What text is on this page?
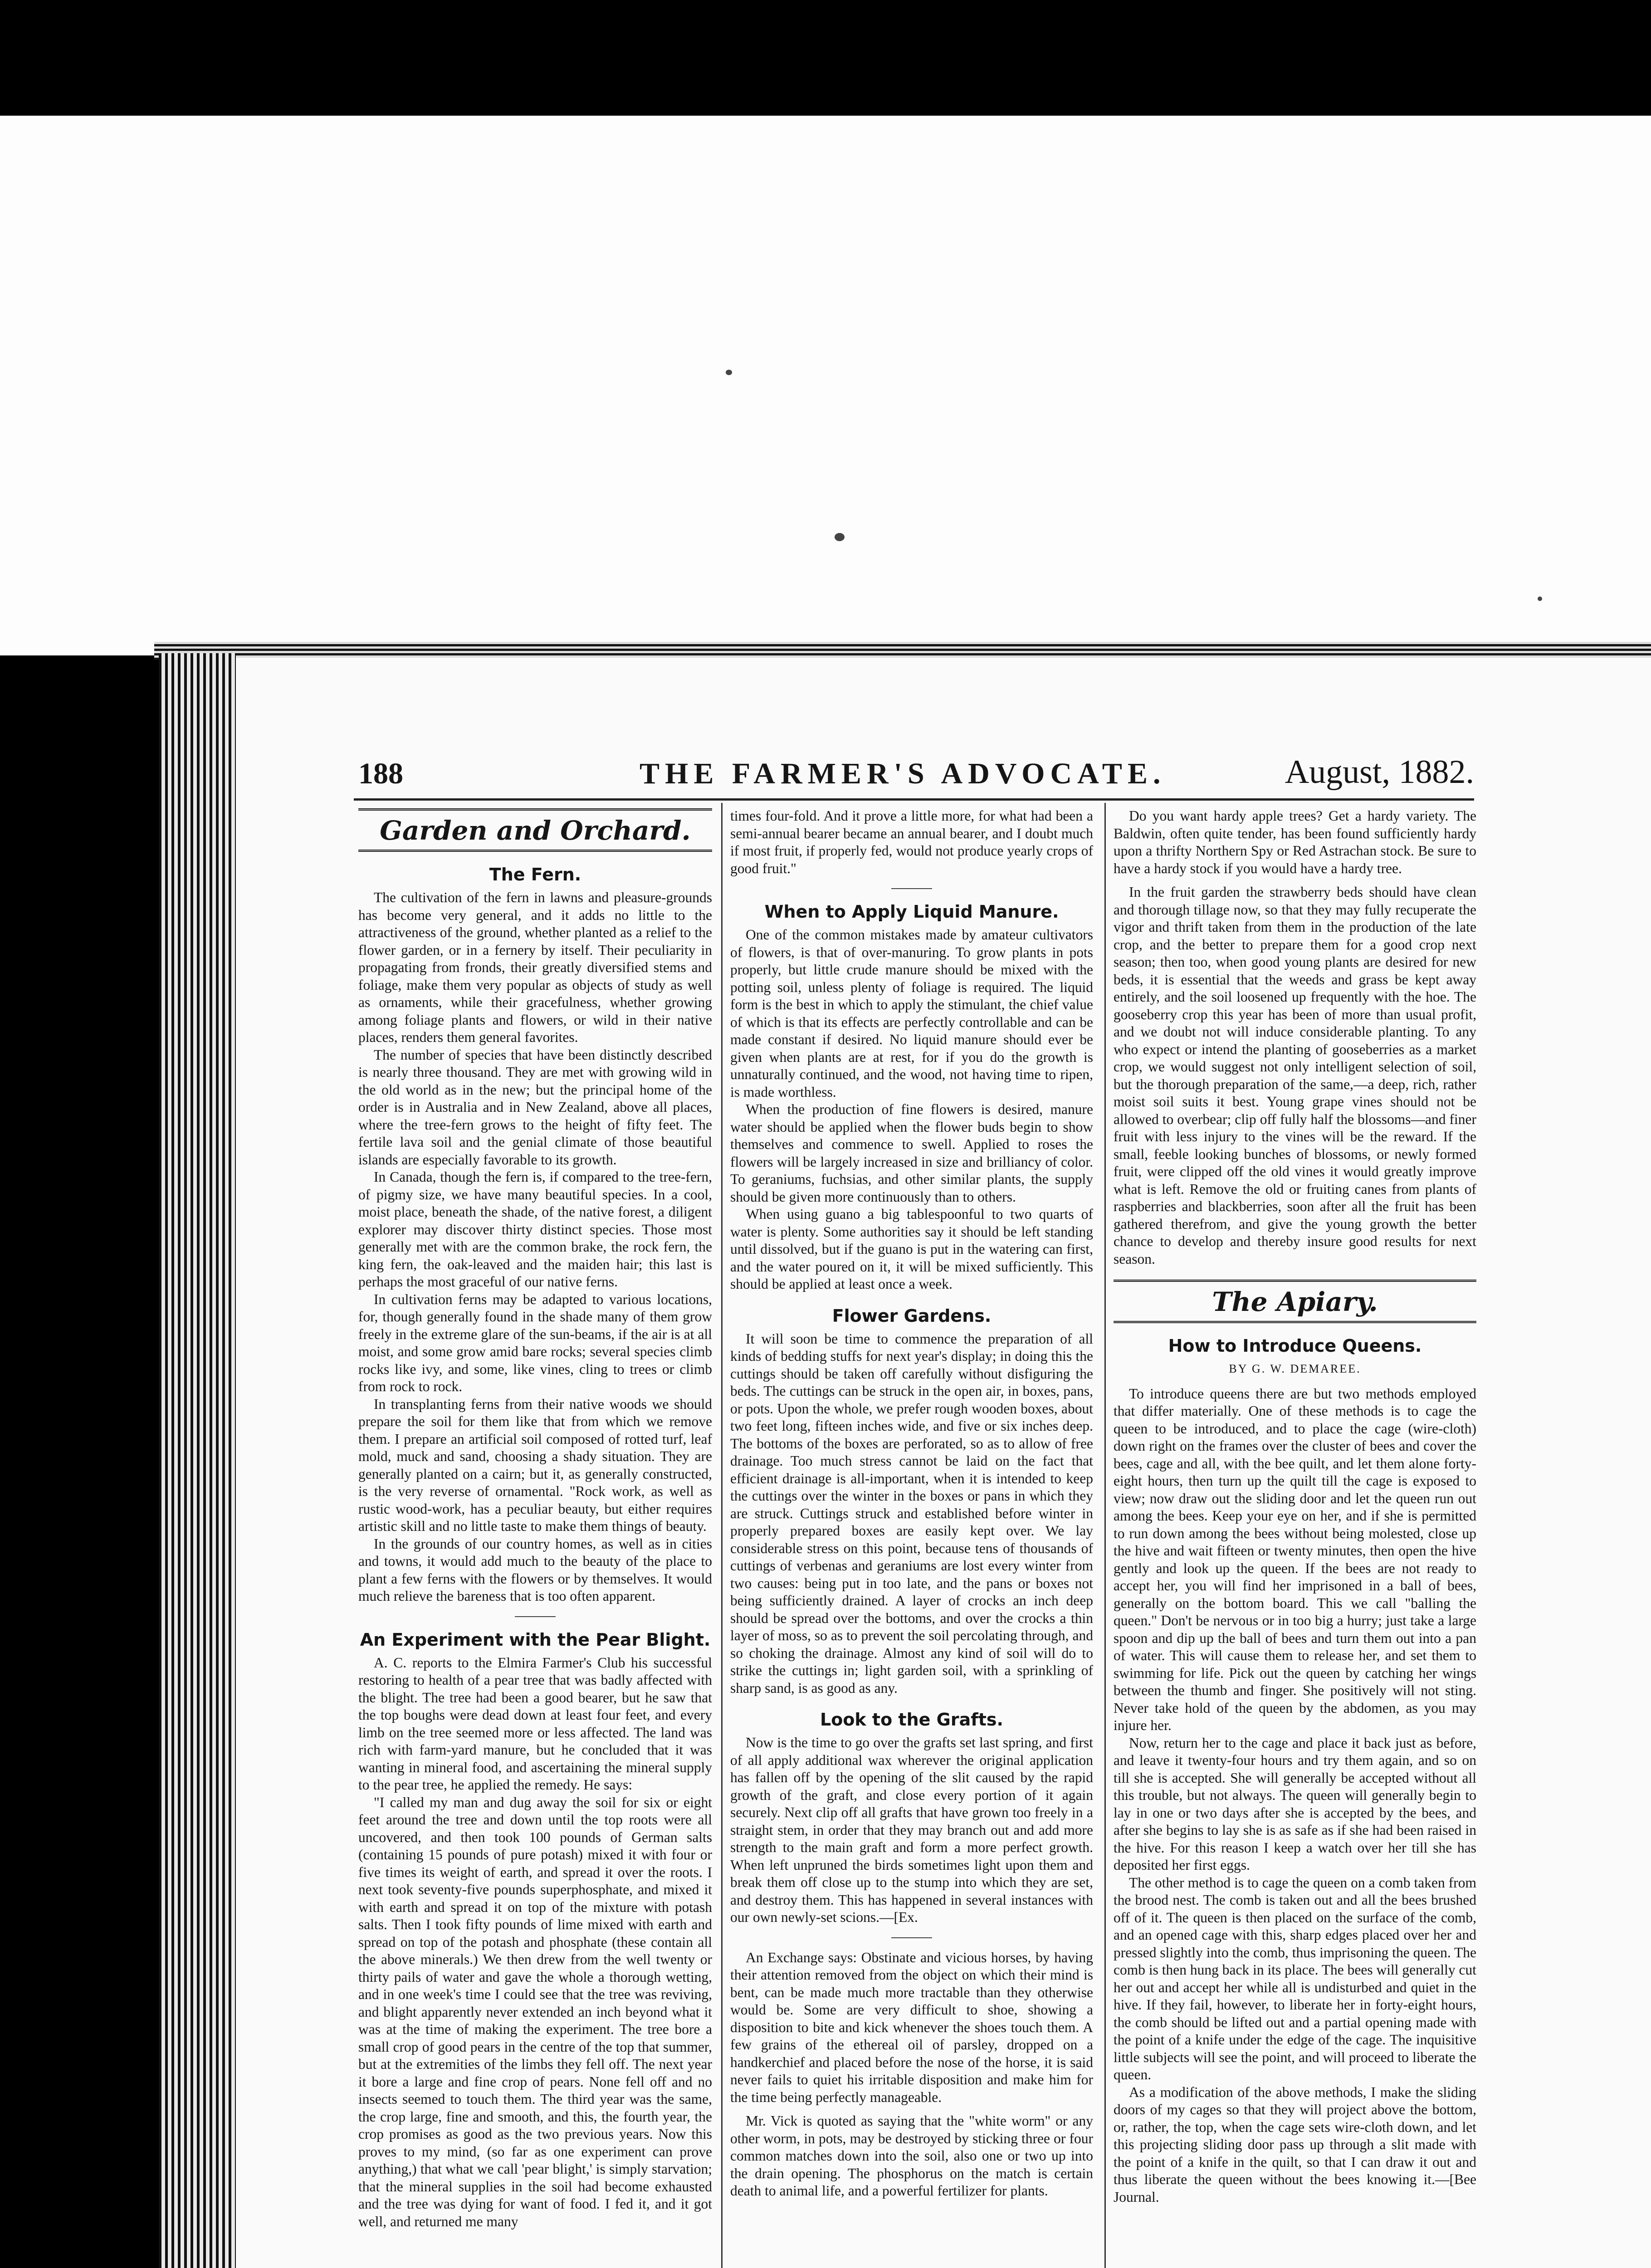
188	THE FARMER'S ADVOCATE.	August, 1882.
Garden and Orchard.
The Fern.

The cultivation of the fern in lawns and pleasure-grounds has become very general, and it adds no little to the attractiveness of the ground, whether planted as a relief to the flower garden, or in a fernery by itself. Their peculiarity in propagating from fronds, their greatly diversified stems and foliage, make them very popular as objects of study as well as ornaments, while their gracefulness, whether growing among foliage plants and flowers, or wild in their native places, renders them general favorites.

The number of species that have been distinctly described is nearly three thousand. They are met with growing wild in the old world as in the new; but the principal home of the order is in Australia and in New Zealand, above all places, where the tree-fern grows to the height of fifty feet. The fertile lava soil and the genial climate of those beautiful islands are especially favorable to its growth.

In Canada, though the fern is, if compared to the tree-fern, of pigmy size, we have many beautiful species. In a cool, moist place, beneath the shade, of the native forest, a diligent explorer may discover thirty distinct species. Those most generally met with are the common brake, the rock fern, the king fern, the oak-leaved and the maiden hair; this last is perhaps the most graceful of our native ferns.

In cultivation ferns may be adapted to various locations, for, though generally found in the shade many of them grow freely in the extreme glare of the sun-beams, if the air is at all moist, and some grow amid bare rocks; several species climb rocks like ivy, and some, like vines, cling to trees or climb from rock to rock.

In transplanting ferns from their native woods we should prepare the soil for them like that from which we remove them. I prepare an artificial soil composed of rotted turf, leaf mold, muck and sand, choosing a shady situation. They are generally planted on a cairn; but it, as generally constructed, is the very reverse of ornamental. "Rock work, as well as rustic wood-work, has a peculiar beauty, but either requires artistic skill and no little taste to make them things of beauty.

In the grounds of our country homes, as well as in cities and towns, it would add much to the beauty of the place to plant a few ferns with the flowers or by themselves. It would much relieve the bareness that is too often apparent.

An Experiment with the Pear Blight.

A. C. reports to the Elmira Farmer's Club his successful restoring to health of a pear tree that was badly affected with the blight. The tree had been a good bearer, but he saw that the top boughs were dead down at least four feet, and every limb on the tree seemed more or less affected. The land was rich with farm-yard manure, but he concluded that it was wanting in mineral food, and ascertaining the mineral supply to the pear tree, he applied the remedy. He says:

"I called my man and dug away the soil for six or eight feet around the tree and down until the top roots were all uncovered, and then took 100 pounds of German salts (containing 15 pounds of pure potash) mixed it with four or five times its weight of earth, and spread it over the roots. I next took seventy-five pounds superphosphate, and mixed it with earth and spread it on top of the mixture with potash salts. Then I took fifty pounds of lime mixed with earth and spread on top of the potash and phosphate (these contain all the above minerals.) We then drew from the well twenty or thirty pails of water and gave the whole a thorough wetting, and in one week's time I could see that the tree was reviving, and blight apparently never extended an inch beyond what it was at the time of making the experiment. The tree bore a small crop of good pears in the centre of the top that summer, but at the extremities of the limbs they fell off. The next year it bore a large and fine crop of pears. None fell off and no insects seemed to touch them. The third year was the same, the crop large, fine and smooth, and this, the fourth year, the crop promises as good as the two previous years. Now this proves to my mind, (so far as one experiment can prove anything,) that what we call 'pear blight,' is simply starvation; that the mineral supplies in the soil had become exhausted and the tree was dying for want of food. I fed it, and it got well, and returned me many

times four-fold. And it prove a little more, for what had been a semi-annual bearer became an annual bearer, and I doubt much if most fruit, if properly fed, would not produce yearly crops of good fruit."

When to Apply Liquid Manure.

One of the common mistakes made by amateur cultivators of flowers, is that of over-manuring. To grow plants in pots properly, but little crude manure should be mixed with the potting soil, unless plenty of foliage is required. The liquid form is the best in which to apply the stimulant, the chief value of which is that its effects are perfectly controllable and can be made constant if desired. No liquid manure should ever be given when plants are at rest, for if you do the growth is unnaturally continued, and the wood, not having time to ripen, is made worthless.

When the production of fine flowers is desired, manure water should be applied when the flower buds begin to show themselves and commence to swell. Applied to roses the flowers will be largely increased in size and brilliancy of color. To geraniums, fuchsias, and other similar plants, the supply should be given more continuously than to others.

When using guano a big tablespoonful to two quarts of water is plenty. Some authorities say it should be left standing until dissolved, but if the guano is put in the watering can first, and the water poured on it, it will be mixed sufficiently. This should be applied at least once a week.

Flower Gardens.

It will soon be time to commence the preparation of all kinds of bedding stuffs for next year's display; in doing this the cuttings should be taken off carefully without disfiguring the beds. The cuttings can be struck in the open air, in boxes, pans, or pots. Upon the whole, we prefer rough wooden boxes, about two feet long, fifteen inches wide, and five or six inches deep. The bottoms of the boxes are perforated, so as to allow of free drainage. Too much stress cannot be laid on the fact that efficient drainage is all-important, when it is intended to keep the cuttings over the winter in the boxes or pans in which they are struck. Cuttings struck and established before winter in properly prepared boxes are easily kept over. We lay considerable stress on this point, because tens of thousands of cuttings of verbenas and geraniums are lost every winter from two causes: being put in too late, and the pans or boxes not being sufficiently drained. A layer of crocks an inch deep should be spread over the bottoms, and over the crocks a thin layer of moss, so as to prevent the soil percolating through, and so choking the drainage. Almost any kind of soil will do to strike the cuttings in; light garden soil, with a sprinkling of sharp sand, is as good as any.

Look to the Grafts.

Now is the time to go over the grafts set last spring, and first of all apply additional wax wherever the original application has fallen off by the opening of the slit caused by the rapid growth of the graft, and close every portion of it again securely. Next clip off all grafts that have grown too freely in a straight stem, in order that they may branch out and add more strength to the main graft and form a more perfect growth. When left unpruned the birds sometimes light upon them and break them off close up to the stump into which they are set, and destroy them. This has happened in several instances with our own newly-set scions.—[Ex.

An Exchange says: Obstinate and vicious horses, by having their attention removed from the object on which their mind is bent, can be made much more tractable than they otherwise would be. Some are very difficult to shoe, showing a disposition to bite and kick whenever the shoes touch them. A few grains of the ethereal oil of parsley, dropped on a handkerchief and placed before the nose of the horse, it is said never fails to quiet his irritable disposition and make him for the time being perfectly manageable.

Mr. Vick is quoted as saying that the "white worm" or any other worm, in pots, may be destroyed by sticking three or four common matches down into the soil, also one or two up into the drain opening. The phosphorus on the match is certain death to animal life, and a powerful fertilizer for plants.

Do you want hardy apple trees? Get a hardy variety. The Baldwin, often quite tender, has been found sufficiently hardy upon a thrifty Northern Spy or Red Astrachan stock. Be sure to have a hardy stock if you would have a hardy tree.

In the fruit garden the strawberry beds should have clean and thorough tillage now, so that they may fully recuperate the vigor and thrift taken from them in the production of the late crop, and the better to prepare them for a good crop next season; then too, when good young plants are desired for new beds, it is essential that the weeds and grass be kept away entirely, and the soil loosened up frequently with the hoe. The gooseberry crop this year has been of more than usual profit, and we doubt not will induce considerable planting. To any who expect or intend the planting of gooseberries as a market crop, we would suggest not only intelligent selection of soil, but the thorough preparation of the same,—a deep, rich, rather moist soil suits it best. Young grape vines should not be allowed to overbear; clip off fully half the blossoms—and finer fruit with less injury to the vines will be the reward. If the small, feeble looking bunches of blossoms, or newly formed fruit, were clipped off the old vines it would greatly improve what is left. Remove the old or fruiting canes from plants of raspberries and blackberries, soon after all the fruit has been gathered therefrom, and give the young growth the better chance to develop and thereby insure good results for next season.

The Apiary.
How to Introduce Queens.

BY G. W. DEMAREE.

To introduce queens there are but two methods employed that differ materially. One of these methods is to cage the queen to be introduced, and to place the cage (wire-cloth) down right on the frames over the cluster of bees and cover the bees, cage and all, with the bee quilt, and let them alone forty-eight hours, then turn up the quilt till the cage is exposed to view; now draw out the sliding door and let the queen run out among the bees. Keep your eye on her, and if she is permitted to run down among the bees without being molested, close up the hive and wait fifteen or twenty minutes, then open the hive gently and look up the queen. If the bees are not ready to accept her, you will find her imprisoned in a ball of bees, generally on the bottom board. This we call "balling the queen." Don't be nervous or in too big a hurry; just take a large spoon and dip up the ball of bees and turn them out into a pan of water. This will cause them to release her, and set them to swimming for life. Pick out the queen by catching her wings between the thumb and finger. She positively will not sting. Never take hold of the queen by the abdomen, as you may injure her.

Now, return her to the cage and place it back just as before, and leave it twenty-four hours and try them again, and so on till she is accepted. She will generally be accepted without all this trouble, but not always. The queen will generally begin to lay in one or two days after she is accepted by the bees, and after she begins to lay she is as safe as if she had been raised in the hive. For this reason I keep a watch over her till she has deposited her first eggs.

The other method is to cage the queen on a comb taken from the brood nest. The comb is taken out and all the bees brushed off of it. The queen is then placed on the surface of the comb, and an opened cage with this, sharp edges placed over her and pressed slightly into the comb, thus imprisoning the queen. The comb is then hung back in its place. The bees will generally cut her out and accept her while all is undisturbed and quiet in the hive. If they fail, however, to liberate her in forty-eight hours, the comb should be lifted out and a partial opening made with the point of a knife under the edge of the cage. The inquisitive little subjects will see the point, and will proceed to liberate the queen.

As a modification of the above methods, I make the sliding doors of my cages so that they will project above the bottom, or, rather, the top, when the cage sets wire-cloth down, and let this projecting sliding door pass up through a slit made with the point of a knife in the quilt, so that I can draw it out and thus liberate the queen without the bees knowing it.—[Bee Journal.
